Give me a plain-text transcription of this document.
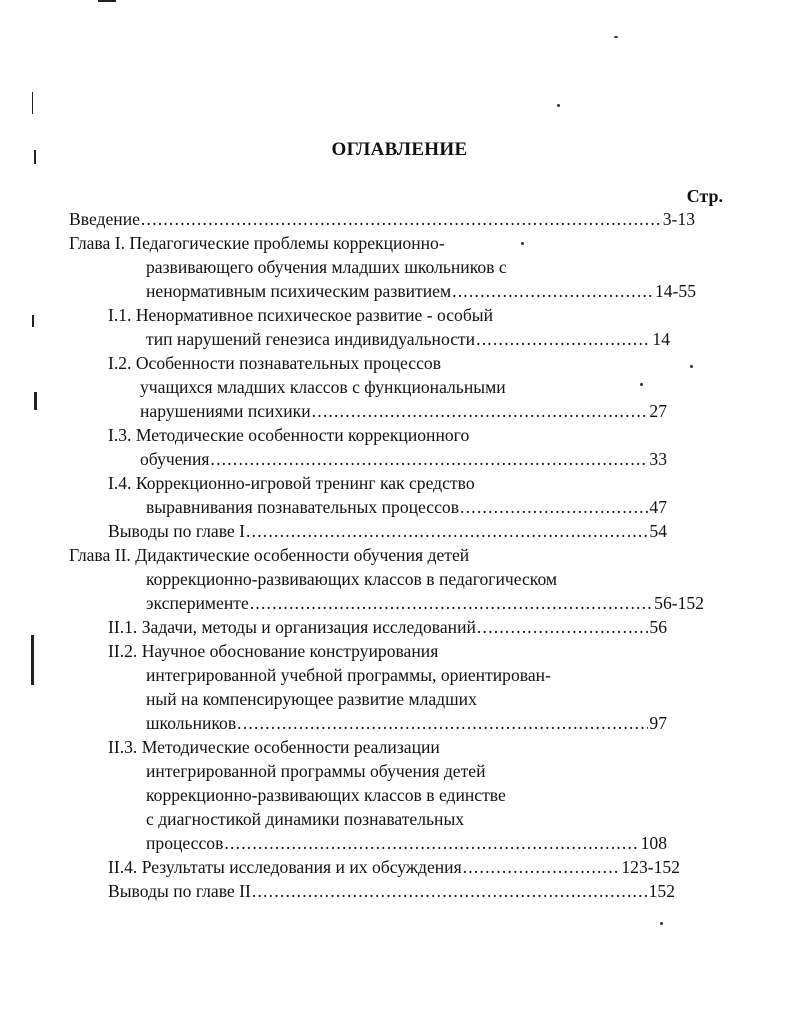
ОГЛАВЛЕНИЕ
Стр.
Введение .....	3-13
Глава I. Педагогические проблемы коррекционно-
развивающего обучения младших школьников с
ненормативным психическим развитием .....	14-55
I.1. Ненормативное психическое развитие - особый
тип нарушений генезиса индивидуальности .....	14
I.2. Особенности познавательных процессов
учащихся младших классов с функциональными
нарушениями психики .....	27
I.3. Методические особенности коррекционного
обучения .....	33
I.4. Коррекционно-игровой тренинг как средство
выравнивания познавательных процессов .....	47
Выводы по главе I .....	54
Глава II. Дидактические особенности обучения детей
коррекционно-развивающих классов в педагогическом
эксперименте .....	56-152
II.1. Задачи, методы и организация исследований .....	56
II.2. Научное обоснование конструирования
интегрированной учебной программы, ориентирован-
ный на компенсирующее развитие младших
школьников .....	97
II.3. Методические особенности реализации
интегрированной программы обучения детей
коррекционно-развивающих классов в единстве
с диагностикой динамики познавательных
процессов .....	108
II.4. Результаты исследования и их обсуждения .....	123-152
Выводы по главе II .....	152
